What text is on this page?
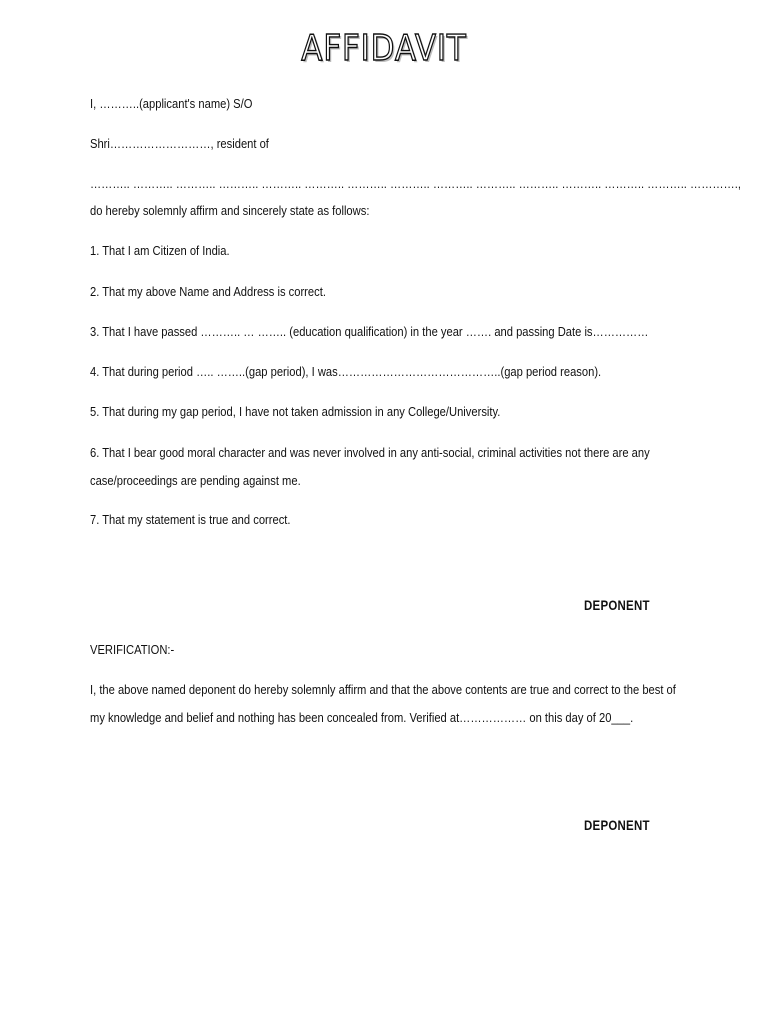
AFFIDAVIT
I, ………..(applicant's name) S/O
Shri………………………, resident of
……….. ……….. ……….. ……….. ……….. ……….. ……….. ……….. ……….. ……….. ……….. ……….. ……….. ……….. ………….,
do hereby solemnly affirm and sincerely state as follows:
1. That I am Citizen of India.
2. That my above Name and Address is correct.
3. That I have passed ……….. … …….. (education qualification) in the year ……. and passing Date is……………
4. That during period ….. ……..(gap period), I was……………………………………..(gap period reason).
5. That during my gap period, I have not taken admission in any College/University.
6. That I bear good moral character and was never involved in any anti-social, criminal activities not there are any case/proceedings are pending against me.
7. That my statement is true and correct.
DEPONENT
VERIFICATION:-
I, the above named deponent do hereby solemnly affirm and that the above contents are true and correct to the best of my knowledge and belief and nothing has been concealed from. Verified at……………… on this day of 20___.
DEPONENT
